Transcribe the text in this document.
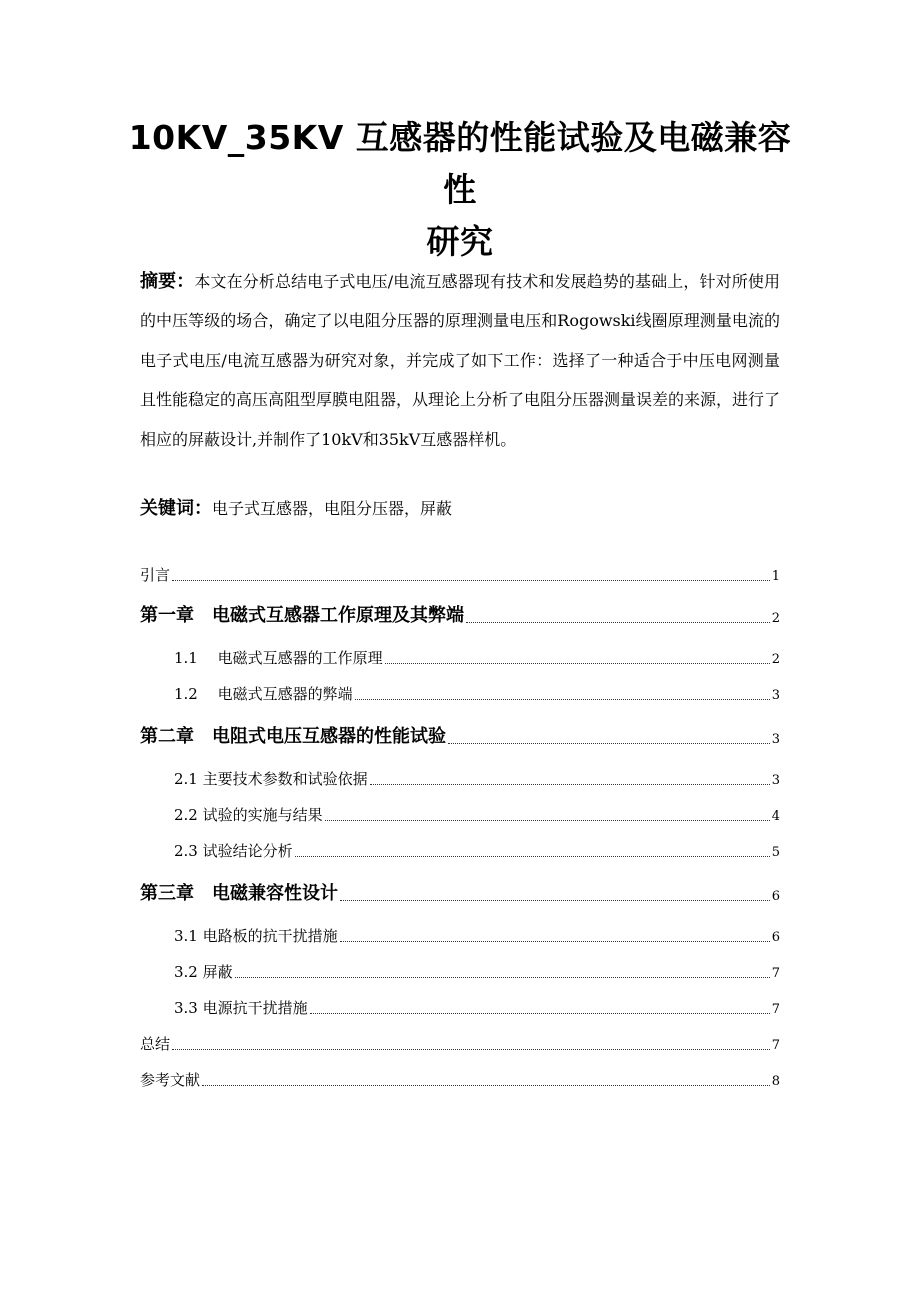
10KV_35KV 互感器的性能试验及电磁兼容性
研究
摘要：本文在分析总结电子式电压/电流互感器现有技术和发展趋势的基础上，针对所使用的中压等级的场合，确定了以电阻分压器的原理测量电压和Rogowski线圈原理测量电流的电子式电压/电流互感器为研究对象，并完成了如下工作：选择了一种适合于中压电网测量且性能稳定的高压高阻型厚膜电阻器，从理论上分析了电阻分压器测量误差的来源，进行了相应的屏蔽设计,并制作了10kV和35kV互感器样机。
关键词：电子式互感器，电阻分压器，屏蔽
引言	1
第一章　电磁式互感器工作原理及其弊端	2
1.1　 电磁式互感器的工作原理	2
1.2　 电磁式互感器的弊端	3
第二章　电阻式电压互感器的性能试验	3
2.1 主要技术参数和试验依据	3
2.2 试验的实施与结果	4
2.3 试验结论分析	5
第三章　电磁兼容性设计	6
3.1 电路板的抗干扰措施	6
3.2 屏蔽	7
3.3 电源抗干扰措施	7
总结	7
参考文献	8
